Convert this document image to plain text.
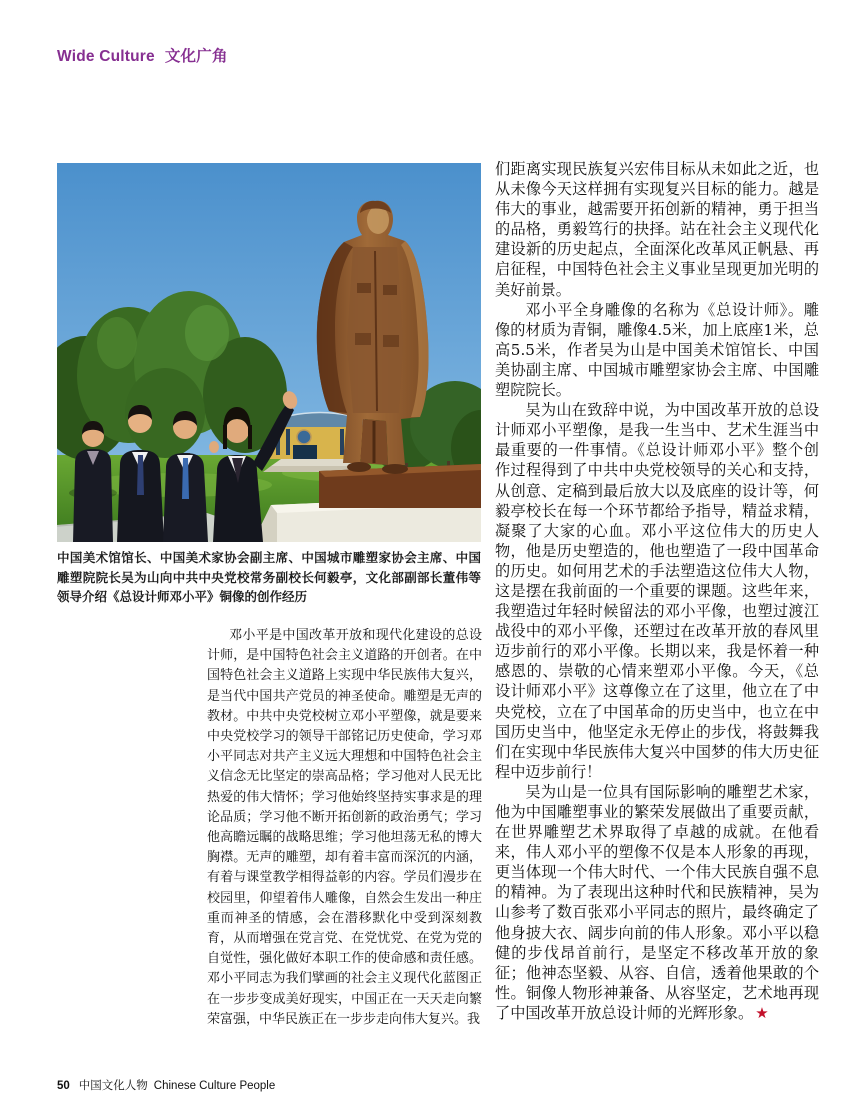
Wide Culture 文化广角
中国美术馆馆长、中国美术家协会副主席、中国城市雕塑家协会主席、中国雕塑院院长吴为山向中共中央党校常务副校长何毅亭，文化部副部长董伟等领导介绍《总设计师邓小平》铜像的创作经历

邓小平是中国改革开放和现代化建设的总设计师，是中国特色社会主义道路的开创者。在中国特色社会主义道路上实现中华民族伟大复兴，是当代中国共产党员的神圣使命。雕塑是无声的教材。中共中央党校树立邓小平塑像，就是要来中央党校学习的领导干部铭记历史使命，学习邓小平同志对共产主义远大理想和中国特色社会主义信念无比坚定的崇高品格；学习他对人民无比热爱的伟大情怀；学习他始终坚持实事求是的理论品质；学习他不断开拓创新的政治勇气；学习他高瞻远瞩的战略思维；学习他坦荡无私的博大胸襟。无声的雕塑，却有着丰富而深沉的内涵，有着与课堂教学相得益彰的内容。学员们漫步在校园里，仰望着伟人雕像，自然会生发出一种庄重而神圣的情感，会在潜移默化中受到深刻教育，从而增强在党言党、在党忧党、在党为党的自觉性，强化做好本职工作的使命感和责任感。邓小平同志为我们擘画的社会主义现代化蓝图正在一步步变成美好现实，中国正在一天天走向繁荣富强，中华民族正在一步步走向伟大复兴。我

们距离实现民族复兴宏伟目标从未如此之近，也从未像今天这样拥有实现复兴目标的能力。越是伟大的事业，越需要开拓创新的精神，勇于担当的品格，勇毅笃行的抉择。站在社会主义现代化建设新的历史起点，全面深化改革风正帆悬、再启征程，中国特色社会主义事业呈现更加光明的美好前景。

邓小平全身雕像的名称为《总设计师》。雕像的材质为青铜，雕像4.5米，加上底座1米，总高5.5米，作者吴为山是中国美术馆馆长、中国美协副主席、中国城市雕塑家协会主席、中国雕塑院院长。

吴为山在致辞中说，为中国改革开放的总设计师邓小平塑像，是我一生当中、艺术生涯当中最重要的一件事情。《总设计师邓小平》整个创作过程得到了中共中央党校领导的关心和支持，从创意、定稿到最后放大以及底座的设计等，何毅亭校长在每一个环节都给予指导，精益求精，凝聚了大家的心血。邓小平这位伟大的历史人物，他是历史塑造的，他也塑造了一段中国革命的历史。如何用艺术的手法塑造这位伟大人物，这是摆在我前面的一个重要的课题。这些年来，我塑造过年轻时候留法的邓小平像，也塑过渡江战役中的邓小平像，还塑过在改革开放的春风里迈步前行的邓小平像。长期以来，我是怀着一种感恩的、崇敬的心情来塑邓小平像。今天，《总设计师邓小平》这尊像立在了这里，他立在了中央党校，立在了中国革命的历史当中，也立在中国历史当中，他坚定永无停止的步伐，将鼓舞我们在实现中华民族伟大复兴中国梦的伟大历史征程中迈步前行！

吴为山是一位具有国际影响的雕塑艺术家，他为中国雕塑事业的繁荣发展做出了重要贡献，在世界雕塑艺术界取得了卓越的成就。在他看来，伟人邓小平的塑像不仅是本人形象的再现，更当体现一个伟大时代、一个伟大民族自强不息的精神。为了表现出这种时代和民族精神，吴为山参考了数百张邓小平同志的照片，最终确定了他身披大衣、阔步向前的伟人形象。邓小平以稳健的步伐昂首前行，是坚定不移改革开放的象征；他神态坚毅、从容、自信，透着他果敢的个性。铜像人物形神兼备、从容坚定，艺术地再现了中国改革开放总设计师的光辉形象。 ★

50 中国文化人物 Chinese Culture People
